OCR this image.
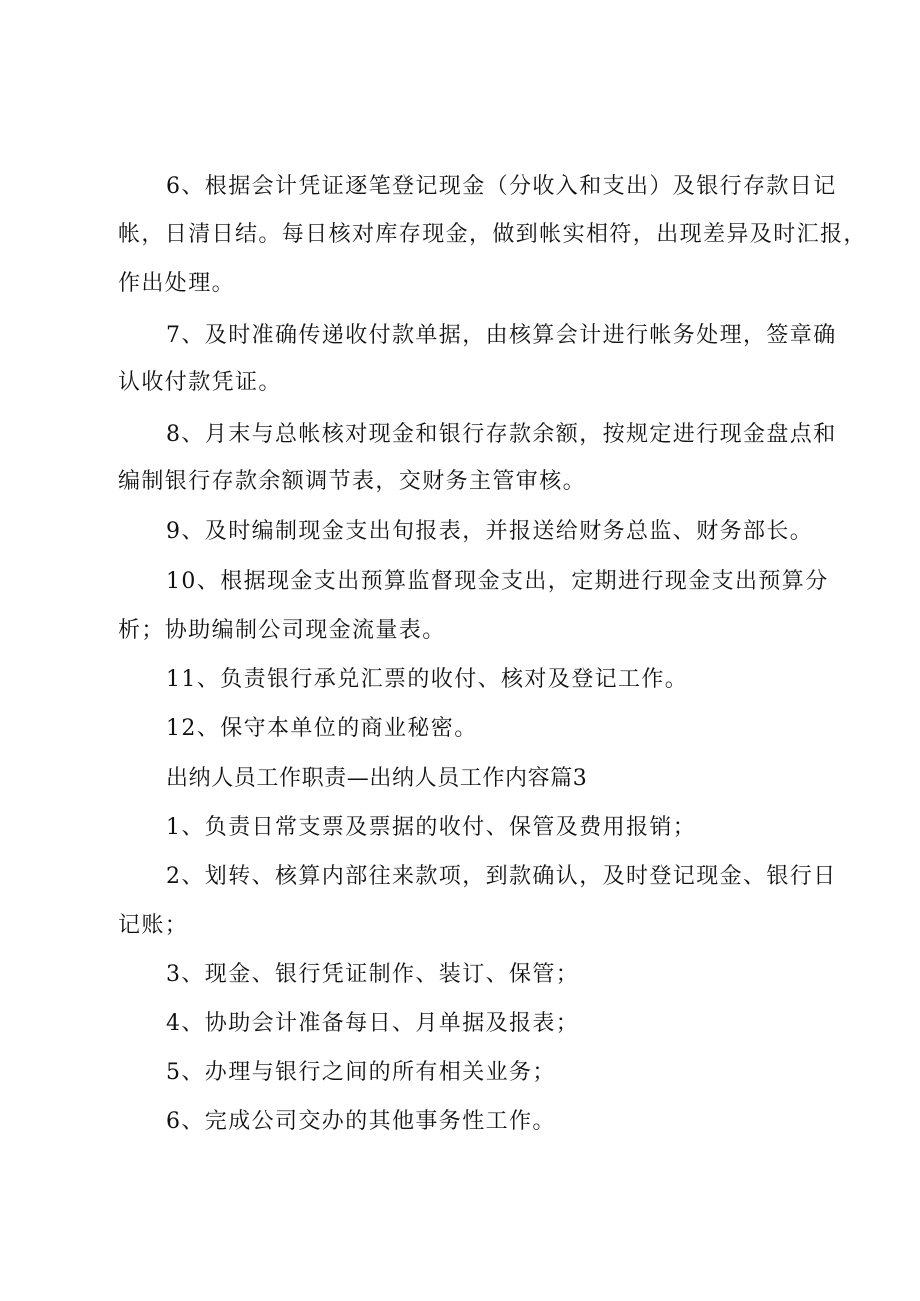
6、根据会计凭证逐笔登记现金（分收入和支出）及银行存款日记
帐，日清日结。每日核对库存现金，做到帐实相符，出现差异及时汇报，
作出处理。
7、及时准确传递收付款单据，由核算会计进行帐务处理，签章确
认收付款凭证。
8、月末与总帐核对现金和银行存款余额，按规定进行现金盘点和
编制银行存款余额调节表，交财务主管审核。
9、及时编制现金支出旬报表，并报送给财务总监、财务部长。
10、根据现金支出预算监督现金支出，定期进行现金支出预算分
析；协助编制公司现金流量表。
11、负责银行承兑汇票的收付、核对及登记工作。
12、保守本单位的商业秘密。
出纳人员工作职责—出纳人员工作内容篇3
1、负责日常支票及票据的收付、保管及费用报销；
2、划转、核算内部往来款项，到款确认，及时登记现金、银行日
记账；
3、现金、银行凭证制作、装订、保管；
4、协助会计准备每日、月单据及报表；
5、办理与银行之间的所有相关业务；
6、完成公司交办的其他事务性工作。
